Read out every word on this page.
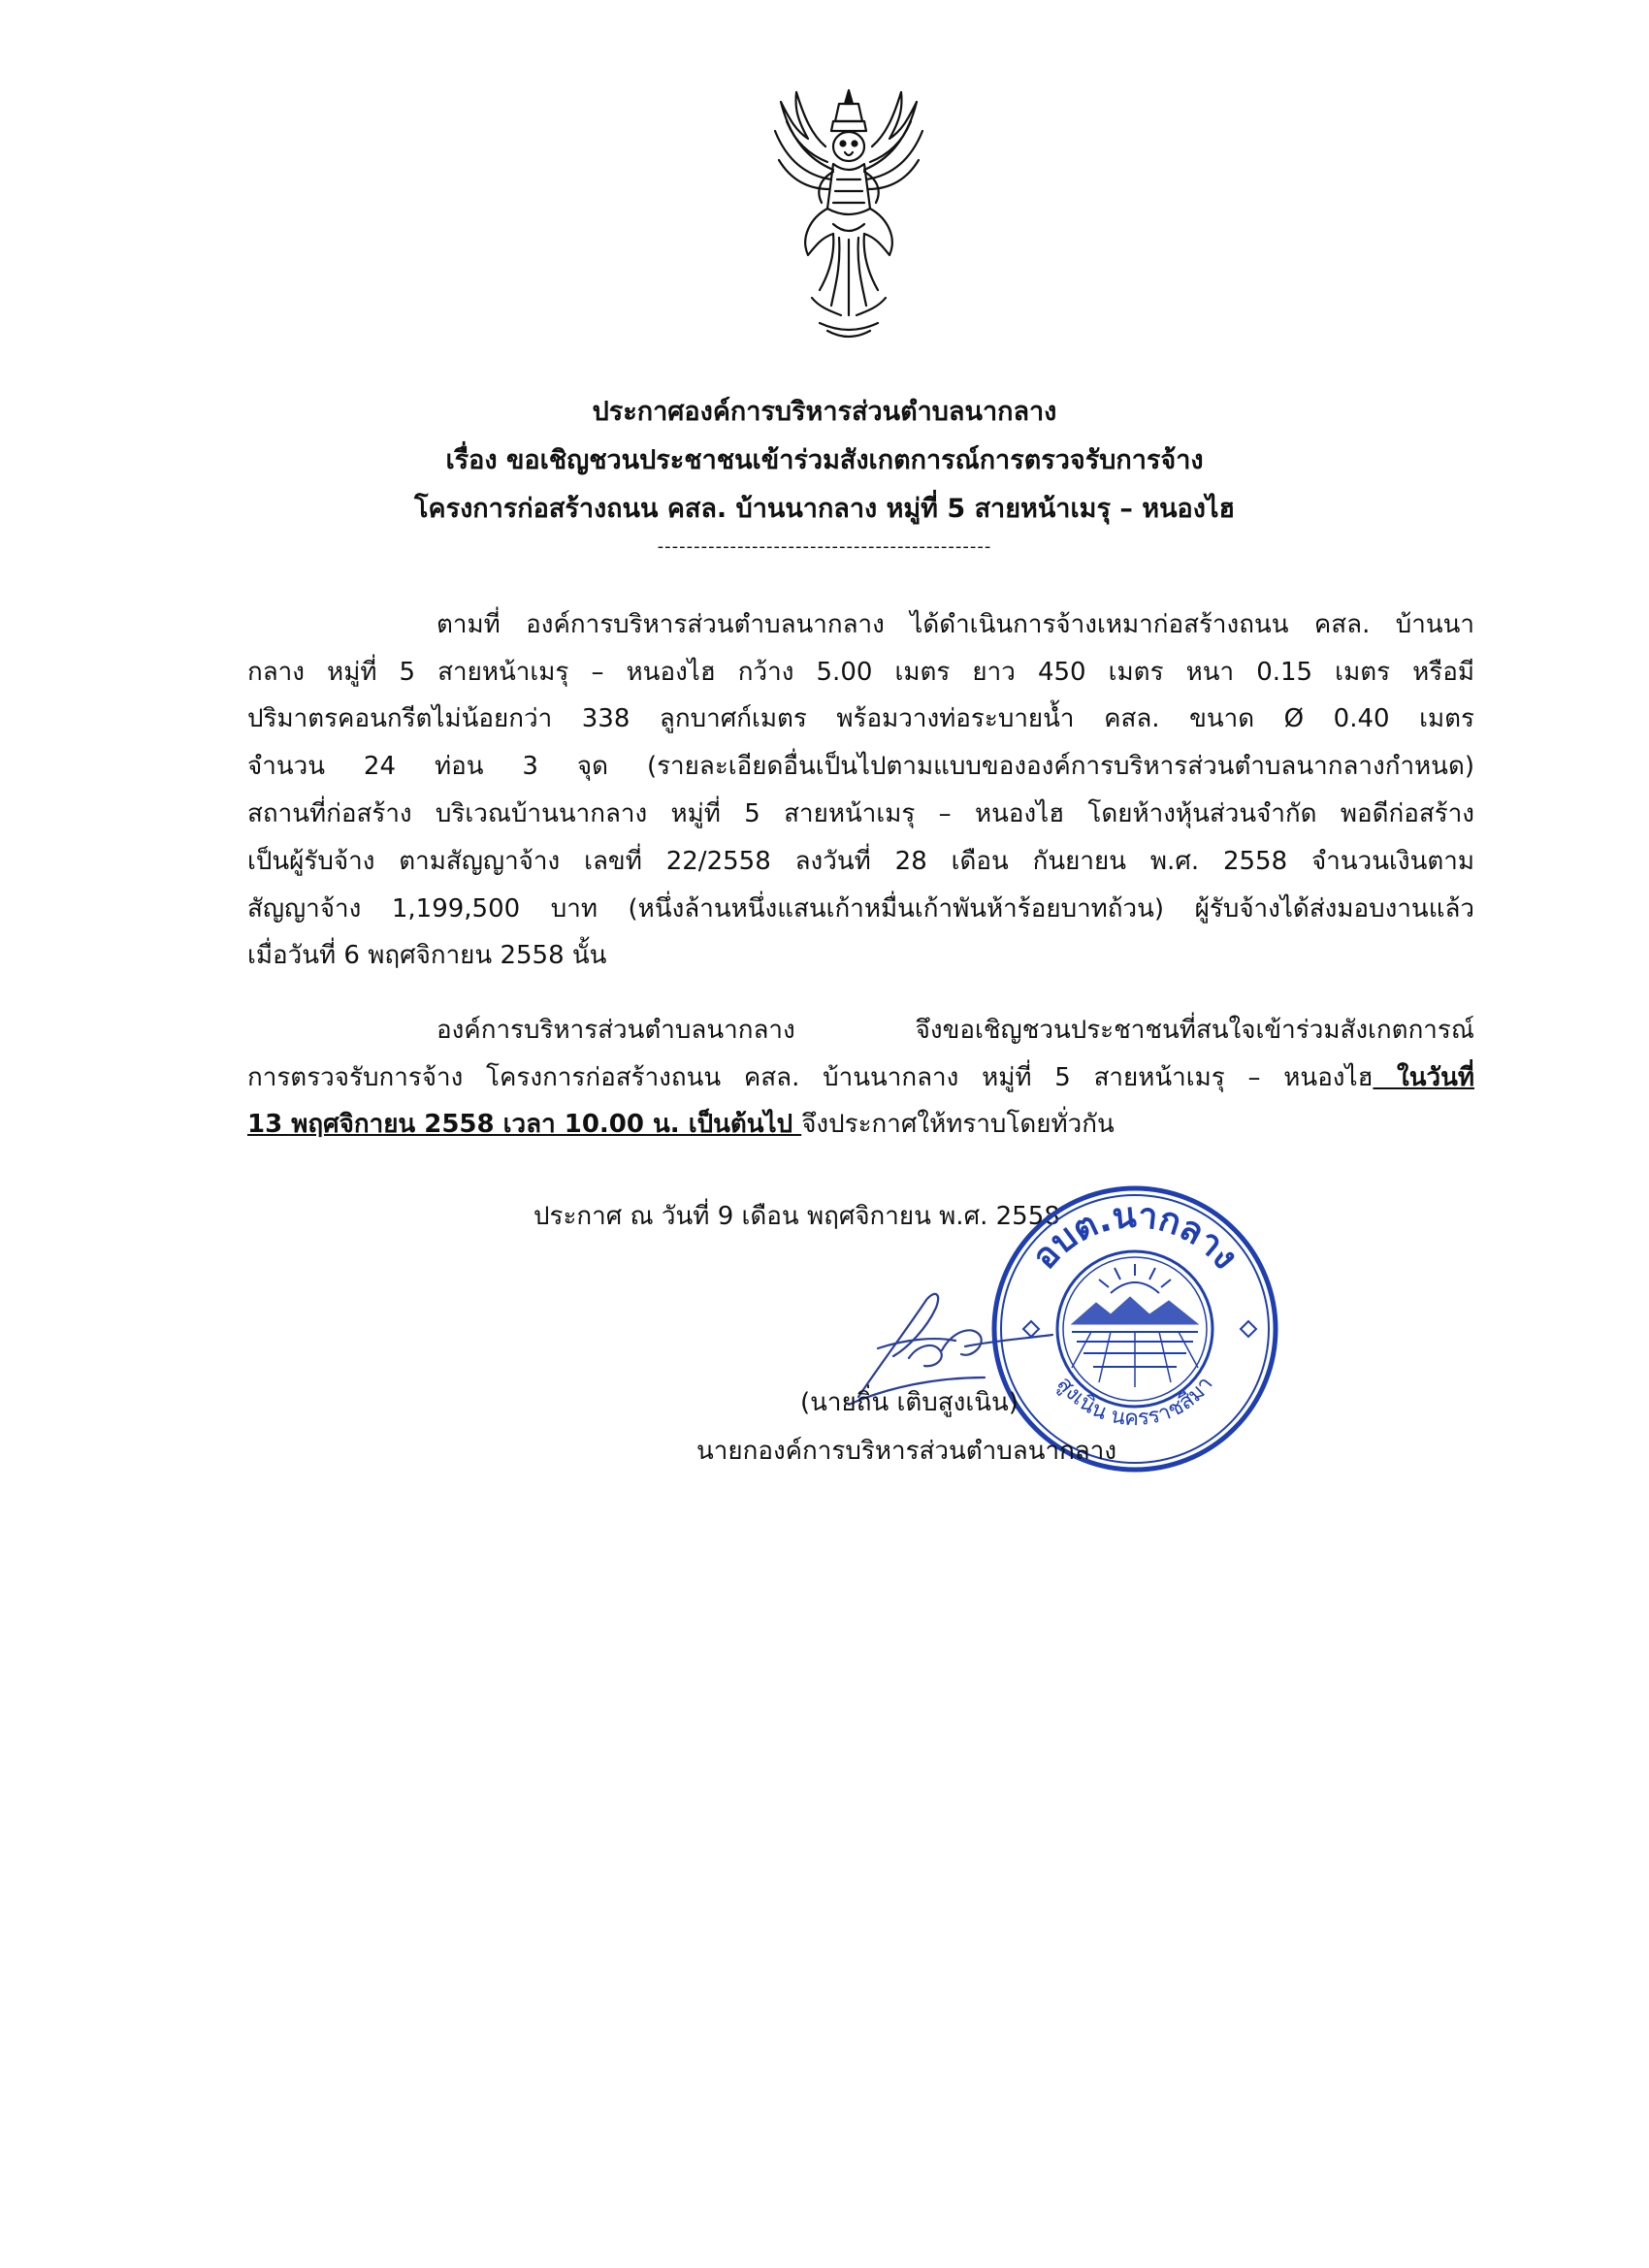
ประกาศองค์การบริหารส่วนตำบลนากลาง
เรื่อง ขอเชิญชวนประชาชนเข้าร่วมสังเกตการณ์การตรวจรับการจ้าง
โครงการก่อสร้างถนน คสล. บ้านนากลาง หมู่ที่ 5 สายหน้าเมรุ – หนองไฮ
----------------------------------------------
ตามที่ องค์การบริหารส่วนตำบลนากลาง ได้ดำเนินการจ้างเหมาก่อสร้างถนน คสล. บ้านนา
กลาง หมู่ที่ 5 สายหน้าเมรุ – หนองไฮ กว้าง 5.00 เมตร ยาว 450 เมตร หนา 0.15 เมตร หรือมี
ปริมาตรคอนกรีตไม่น้อยกว่า 338 ลูกบาศก์เมตร พร้อมวางท่อระบายน้ำ คสล. ขนาด Ø 0.40 เมตร
จำนวน 24 ท่อน 3 จุด (รายละเอียดอื่นเป็นไปตามแบบขององค์การบริหารส่วนตำบลนากลางกำหนด)
สถานที่ก่อสร้าง บริเวณบ้านนากลาง หมู่ที่ 5 สายหน้าเมรุ – หนองไฮ โดยห้างหุ้นส่วนจำกัด พอดีก่อสร้าง
เป็นผู้รับจ้าง ตามสัญญาจ้าง เลขที่ 22/2558 ลงวันที่ 28 เดือน กันยายน พ.ศ. 2558 จำนวนเงินตาม
สัญญาจ้าง 1,199,500 บาท (หนึ่งล้านหนึ่งแสนเก้าหมื่นเก้าพันห้าร้อยบาทถ้วน) ผู้รับจ้างได้ส่งมอบงานแล้ว
เมื่อวันที่ 6 พฤศจิกายน 2558 นั้น
องค์การบริหารส่วนตำบลนากลาง จึงขอเชิญชวนประชาชนที่สนใจเข้าร่วมสังเกตการณ์
การตรวจรับการจ้าง โครงการก่อสร้างถนน คสล. บ้านนากลาง หมู่ที่ 5 สายหน้าเมรุ – หนองไฮ ในวันที่
13 พฤศจิกายน 2558 เวลา 10.00 น. เป็นต้นไป จึงประกาศให้ทราบโดยทั่วกัน
ประกาศ ณ วันที่ 9 เดือน พฤศจิกายน พ.ศ. 2558
อบต.นากลาง
สูงเนิน นครราชสีมา
(นายถิ่น เติบสูงเนิน)
นายกองค์การบริหารส่วนตำบลนากลาง
